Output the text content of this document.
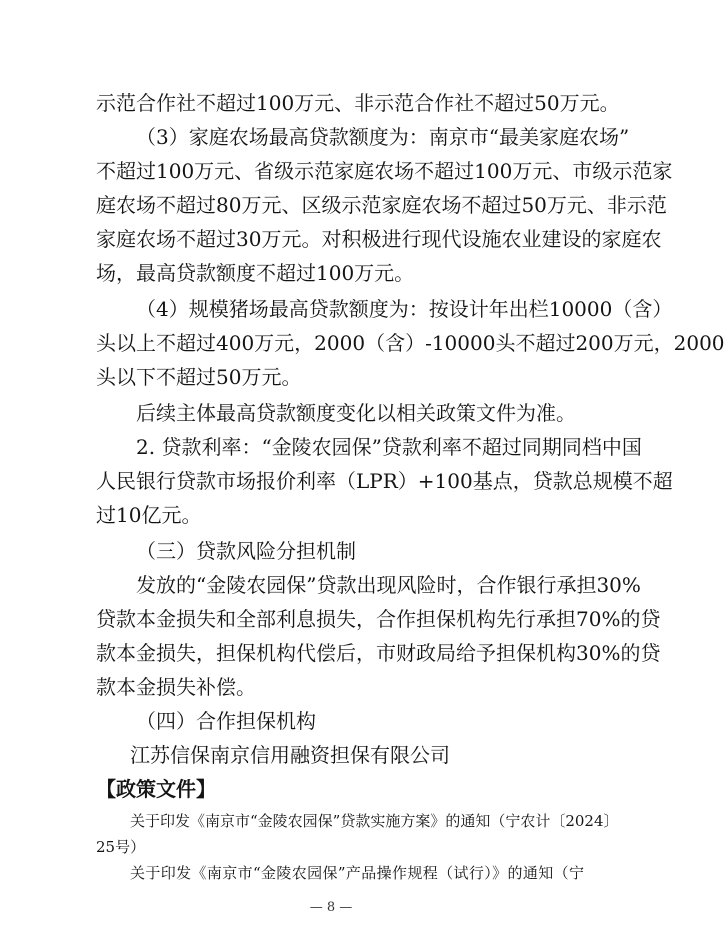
示范合作社不超过100万元、非示范合作社不超过50万元。
（3）家庭农场最高贷款额度为：南京市“最美家庭农场”
不超过100万元、省级示范家庭农场不超过100万元、市级示范家
庭农场不超过80万元、区级示范家庭农场不超过50万元、非示范
家庭农场不超过30万元。对积极进行现代设施农业建设的家庭农
场，最高贷款额度不超过100万元。
（4）规模猪场最高贷款额度为：按设计年出栏10000（含）
头以上不超过400万元，2000（含）-10000头不超过200万元，2000
头以下不超过50万元。
后续主体最高贷款额度变化以相关政策文件为准。
2. 贷款利率：“金陵农园保”贷款利率不超过同期同档中国
人民银行贷款市场报价利率（LPR）+100基点，贷款总规模不超
过10亿元。
（三）贷款风险分担机制
发放的“金陵农园保”贷款出现风险时，合作银行承担30%
贷款本金损失和全部利息损失，合作担保机构先行承担70%的贷
款本金损失，担保机构代偿后，市财政局给予担保机构30%的贷
款本金损失补偿。
（四）合作担保机构
江苏信保南京信用融资担保有限公司
【政策文件】
关于印发《南京市“金陵农园保”贷款实施方案》的通知（宁农计〔2024〕
25号）
关于印发《南京市“金陵农园保”产品操作规程（试行）》的通知（宁
— 8 —
